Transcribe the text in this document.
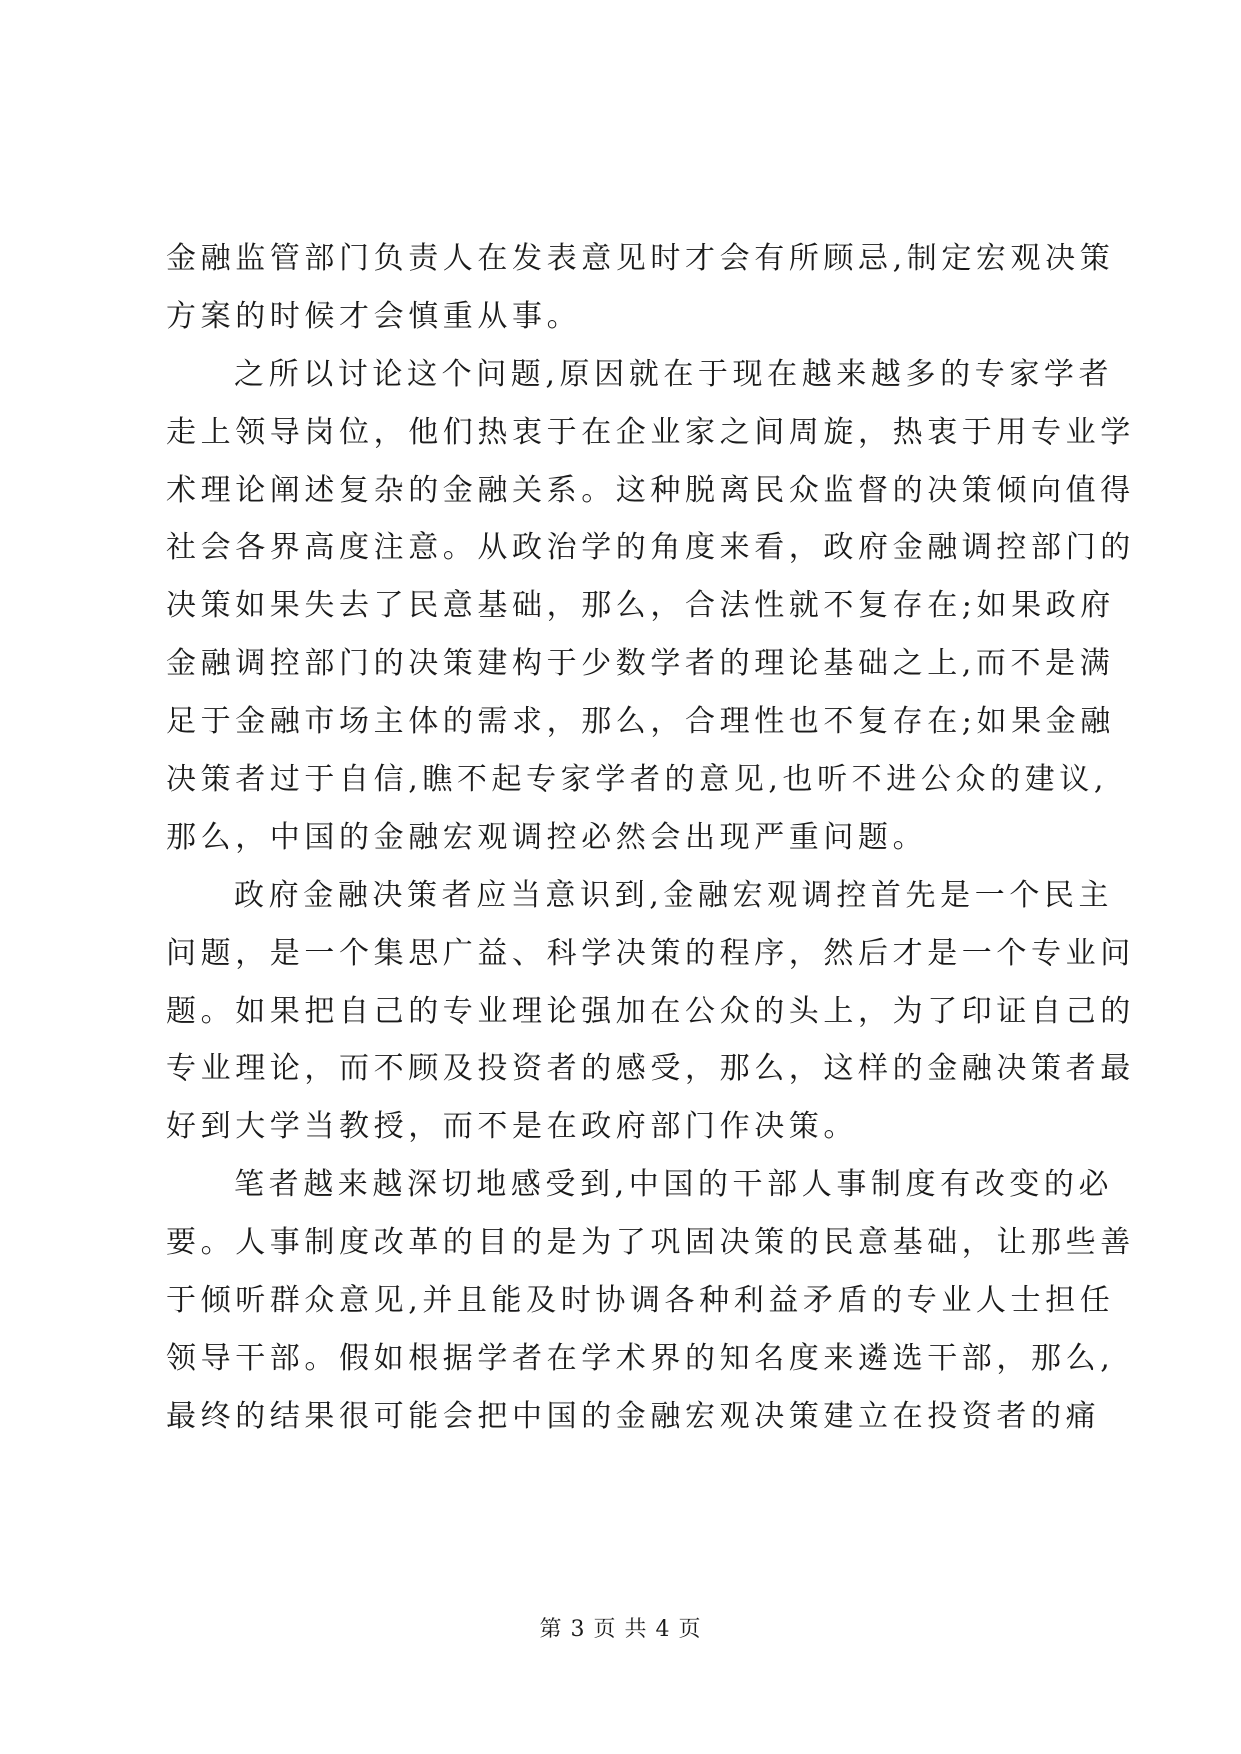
金融监管部门负责人在发表意见时才会有所顾忌,制定宏观决策
方案的时候才会慎重从事。
之所以讨论这个问题,原因就在于现在越来越多的专家学者
走上领导岗位，他们热衷于在企业家之间周旋，热衷于用专业学
术理论阐述复杂的金融关系。这种脱离民众监督的决策倾向值得
社会各界高度注意。从政治学的角度来看，政府金融调控部门的
决策如果失去了民意基础，那么，合法性就不复存在;如果政府
金融调控部门的决策建构于少数学者的理论基础之上,而不是满
足于金融市场主体的需求，那么，合理性也不复存在;如果金融
决策者过于自信,瞧不起专家学者的意见,也听不进公众的建议,
那么，中国的金融宏观调控必然会出现严重问题。
政府金融决策者应当意识到,金融宏观调控首先是一个民主
问题，是一个集思广益、科学决策的程序，然后才是一个专业问
题。如果把自己的专业理论强加在公众的头上，为了印证自己的
专业理论，而不顾及投资者的感受，那么，这样的金融决策者最
好到大学当教授，而不是在政府部门作决策。
笔者越来越深切地感受到,中国的干部人事制度有改变的必
要。人事制度改革的目的是为了巩固决策的民意基础，让那些善
于倾听群众意见,并且能及时协调各种利益矛盾的专业人士担任
领导干部。假如根据学者在学术界的知名度来遴选干部，那么,
最终的结果很可能会把中国的金融宏观决策建立在投资者的痛
第 3 页 共 4 页
